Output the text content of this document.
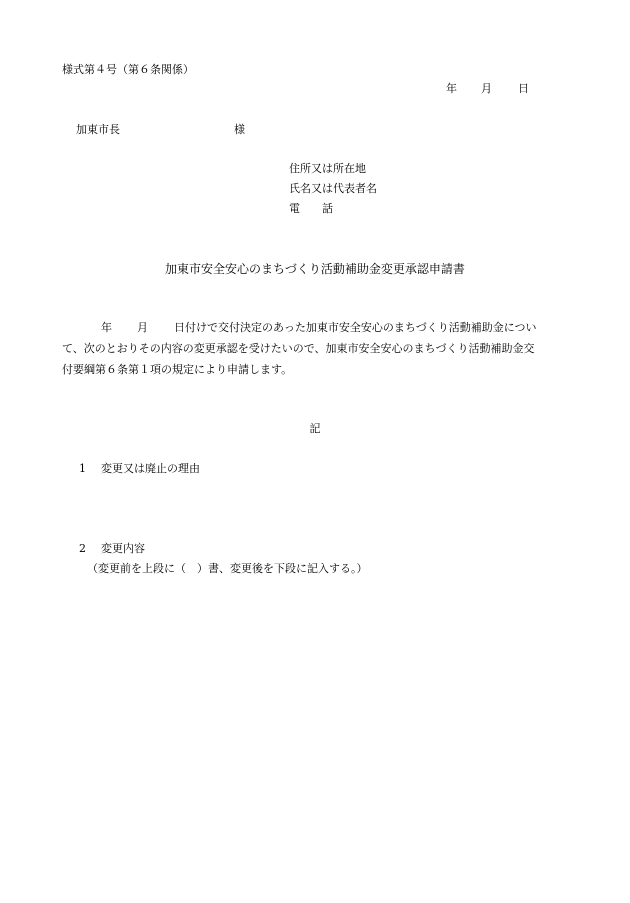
様式第４号（第６条関係）
年 月 日
加東市長	様
住所又は所在地
氏名又は代表者名
電　　話
加東市安全安心のまちづくり活動補助金変更承認申請書
年 月 日付けで交付決定のあった加東市安全安心のまちづくり活動補助金につい
て、次のとおりその内容の変更承認を受けたいので、加東市安全安心のまちづくり活動補助金交
付要綱第６条第１項の規定により申請します。
記
1 変更又は廃止の理由
2 変更内容
（変更前を上段に（　）書、変更後を下段に記入する。）
